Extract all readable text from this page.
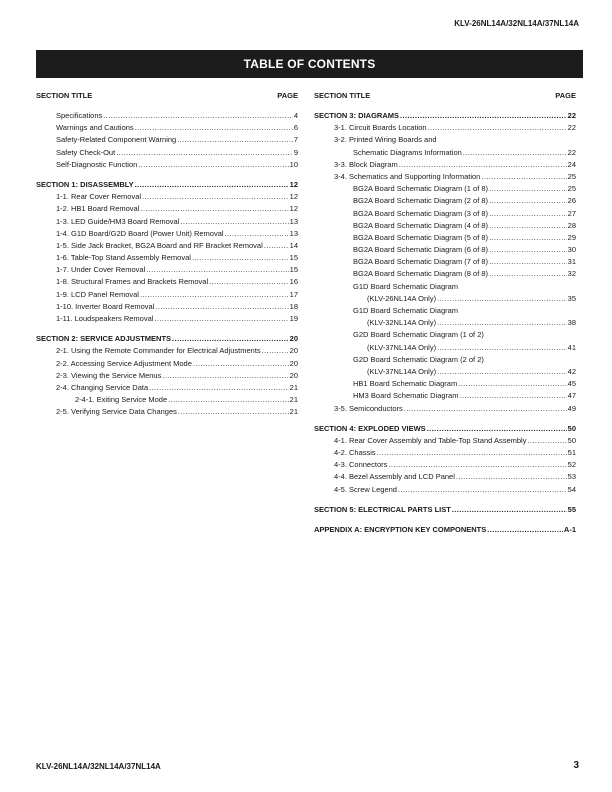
KLV-26NL14A/32NL14A/37NL14A
TABLE OF CONTENTS
SECTION TITLE	PAGE
Specifications .....	4
Warnings and Cautions .....	6
Safety-Related Component Warning .....	7
Safety Check-Out .....	9
Self-Diagnostic Function .....	10
SECTION 1: DISASSEMBLY .....	12
1-1. Rear Cover Removal .....	12
1-2. HB1 Board Removal .....	12
1-3. LED Guide/HM3 Board Removal .....	13
1-4. G1D Board/G2D Board (Power Unit) Removal .....	13
1-5. Side Jack Bracket, BG2A Board and RF Bracket Removal .....	14
1-6. Table-Top Stand Assembly Removal .....	15
1-7. Under Cover Removal .....	15
1-8. Structural Frames and Brackets Removal .....	16
1-9. LCD Panel Removal .....	17
1-10. Inverter Board Removal .....	18
1-11. Loudspeakers Removal .....	19
SECTION 2: SERVICE ADJUSTMENTS .....	20
2-1. Using the Remote Commander for Electrical Adjustments .....	20
2-2. Accessing Service Adjustment Mode .....	20
2-3. Viewing the Service Menus .....	20
2-4. Changing Service Data .....	21
2-4-1. Exiting Service Mode .....	21
2-5. Verifying Service Data Changes .....	21
SECTION TITLE	PAGE
SECTION 3: DIAGRAMS .....	22
3-1. Circuit Boards Location .....	22
3-2. Printed Wiring Boards and
Schematic Diagrams Information .....	22
3-3. Block Diagram .....	24
3-4. Schematics and Supporting Information .....	25
BG2A Board Schematic Diagram (1 of 8) .....	25
BG2A Board Schematic Diagram (2 of 8) .....	26
BG2A Board Schematic Diagram (3 of 8) .....	27
BG2A Board Schematic Diagram (4 of 8) .....	28
BG2A Board Schematic Diagram (5 of 8) .....	29
BG2A Board Schematic Diagram (6 of 8) .....	30
BG2A Board Schematic Diagram (7 of 8) .....	31
BG2A Board Schematic Diagram (8 of 8) .....	32
G1D Board Schematic Diagram
(KLV-26NL14A Only) .....	35
G1D Board Schematic Diagram
(KLV-32NL14A Only) .....	38
G2D Board Schematic Diagram (1 of 2)
(KLV-37NL14A Only) .....	41
G2D Board Schematic Diagram (2 of 2)
(KLV-37NL14A Only) .....	42
HB1 Board Schematic Diagram .....	45
HM3 Board Schematic Diagram .....	47
3-5. Semiconductors .....	49
SECTION 4: EXPLODED VIEWS .....	50
4-1. Rear Cover Assembly and Table-Top Stand Assembly .....	50
4-2. Chassis .....	51
4-3. Connectors .....	52
4-4. Bezel Assembly and LCD Panel .....	53
4-5. Screw Legend .....	54
SECTION 5: ELECTRICAL PARTS LIST .....	55
APPENDIX A: ENCRYPTION KEY COMPONENTS .....	A-1
KLV-26NL14A/32NL14A/37NL14A	3
